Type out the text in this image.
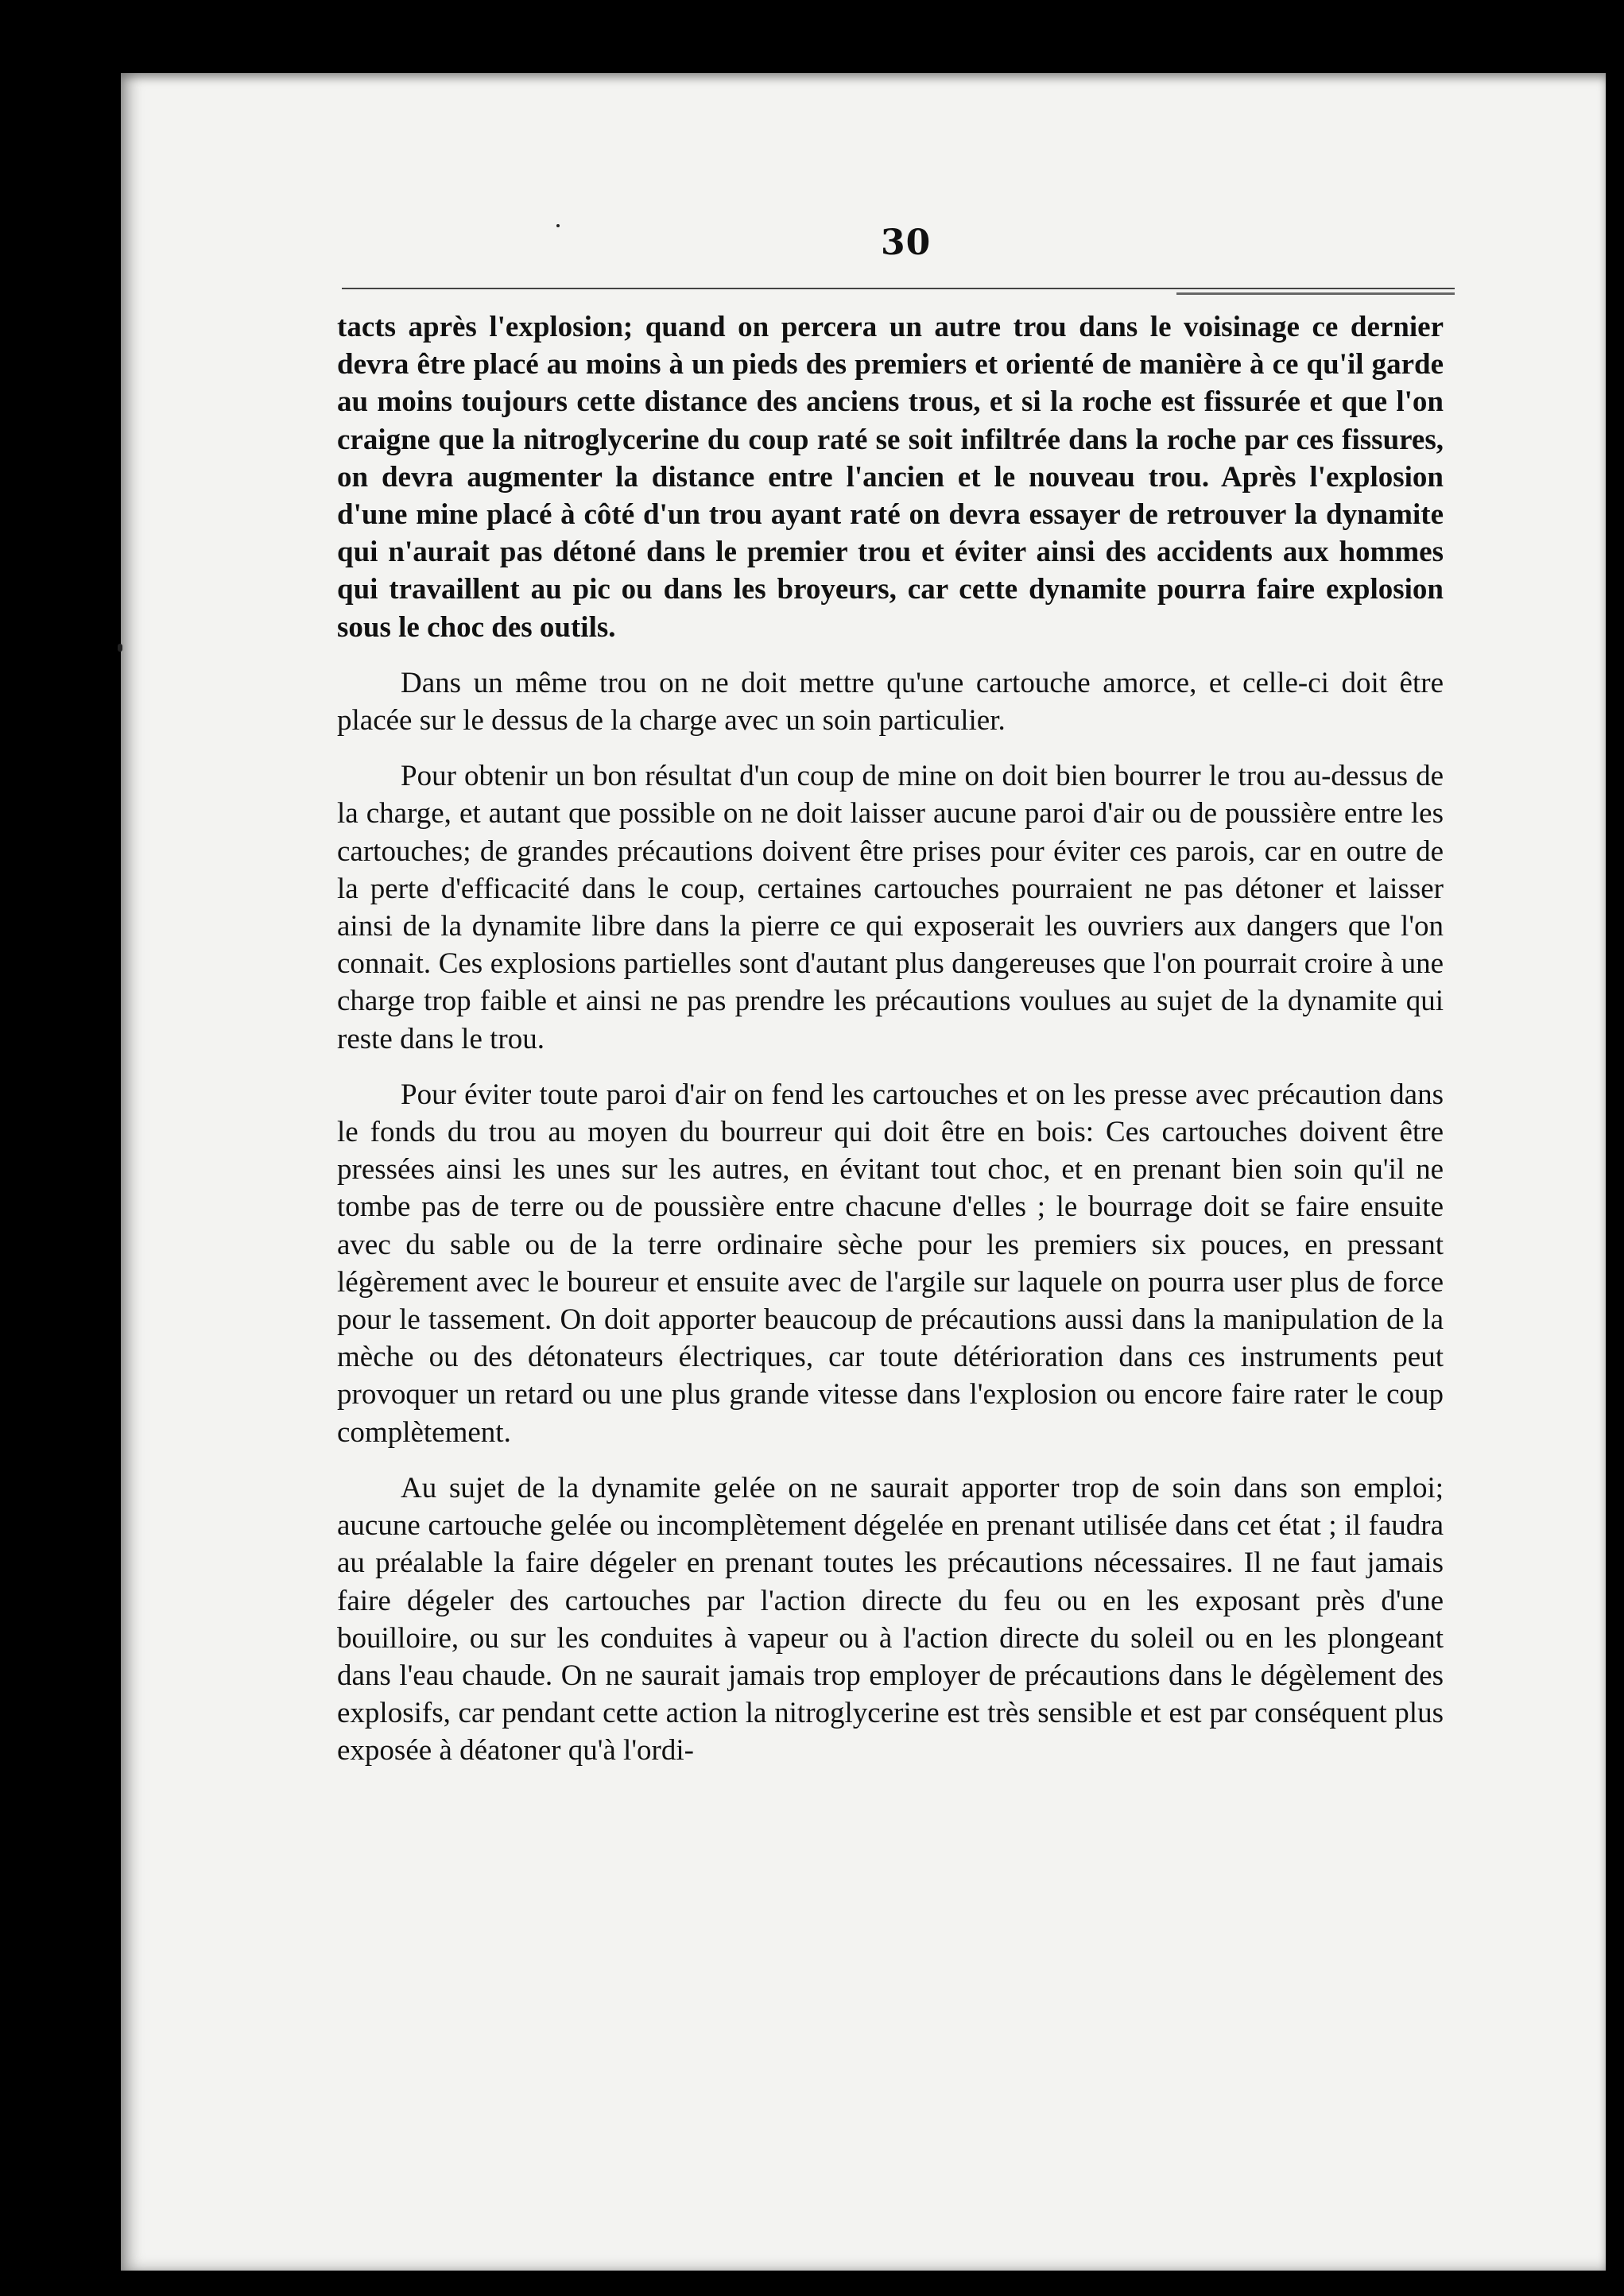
30

tacts après l'explosion; quand on percera un autre trou dans le voisinage ce dernier devra être placé au moins à un pieds des premiers et orienté de manière à ce qu'il garde au moins toujours cette distance des anciens trous, et si la roche est fissurée et que l'on craigne que la nitroglycerine du coup raté se soit infiltrée dans la roche par ces fissures, on devra augmenter la distance entre l'ancien et le nouveau trou. Après l'explosion d'une mine placé à côté d'un trou ayant raté on devra essayer de retrouver la dynamite qui n'aurait pas détoné dans le premier trou et éviter ainsi des accidents aux hommes qui travaillent au pic ou dans les broyeurs, car cette dynamite pourra faire explosion sous le choc des outils.

Dans un même trou on ne doit mettre qu'une cartouche amorce, et celle-ci doit être placée sur le dessus de la charge avec un soin particulier.

Pour obtenir un bon résultat d'un coup de mine on doit bien bourrer le trou au-dessus de la charge, et autant que possible on ne doit laisser aucune paroi d'air ou de poussière entre les cartouches; de grandes précautions doivent être prises pour éviter ces parois, car en outre de la perte d'efficacité dans le coup, certaines cartouches pourraient ne pas détoner et laisser ainsi de la dynamite libre dans la pierre ce qui exposerait les ouvriers aux dangers que l'on connait. Ces explosions partielles sont d'autant plus dangereuses que l'on pourrait croire à une charge trop faible et ainsi ne pas prendre les précautions voulues au sujet de la dynamite qui reste dans le trou.

Pour éviter toute paroi d'air on fend les cartouches et on les presse avec précaution dans le fonds du trou au moyen du bourreur qui doit être en bois: Ces cartouches doivent être pressées ainsi les unes sur les autres, en évitant tout choc, et en prenant bien soin qu'il ne tombe pas de terre ou de poussière entre chacune d'elles ; le bourrage doit se faire ensuite avec du sable ou de la terre ordinaire sèche pour les premiers six pouces, en pressant légèrement avec le boureur et ensuite avec de l'argile sur laquele on pourra user plus de force pour le tassement. On doit apporter beaucoup de précautions aussi dans la manipulation de la mèche ou des détonateurs électriques, car toute détérioration dans ces instruments peut provoquer un retard ou une plus grande vitesse dans l'explosion ou encore faire rater le coup complètement.

Au sujet de la dynamite gelée on ne saurait apporter trop de soin dans son emploi; aucune cartouche gelée ou incomplètement dégelée en prenant utilisée dans cet état ; il faudra au préalable la faire dégeler en prenant toutes les précautions nécessaires. Il ne faut jamais faire dégeler des cartouches par l'action directe du feu ou en les exposant près d'une bouilloire, ou sur les conduites à vapeur ou à l'action directe du soleil ou en les plongeant dans l'eau chaude. On ne saurait jamais trop employer de précautions dans le dégèlement des explosifs, car pendant cette action la nitroglycerine est très sensible et est par conséquent plus exposée à déatoner qu'à l'ordi-
